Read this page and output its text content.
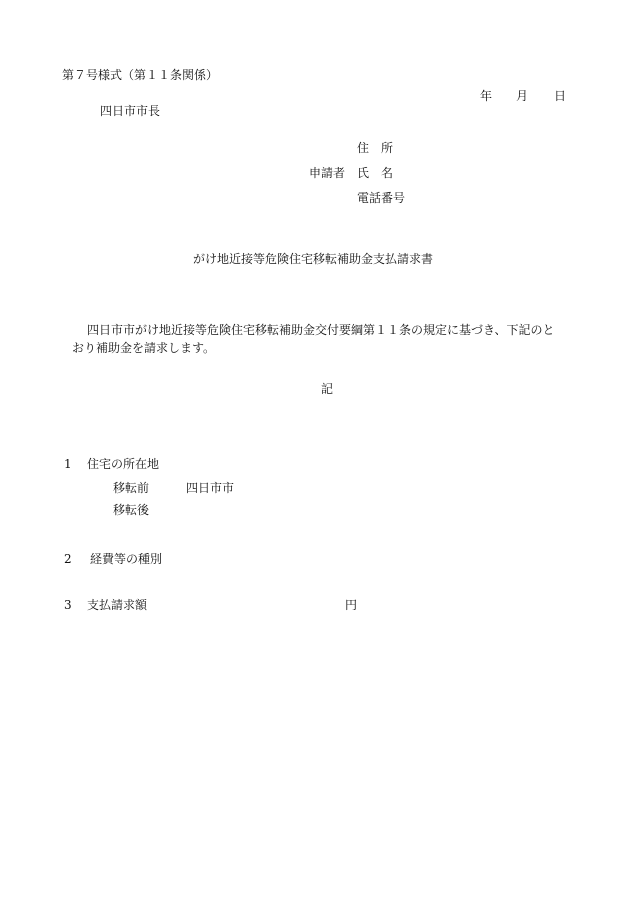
第７号様式（第１１条関係）
年 月 日
四日市市長
住　所
申請者 氏　名
電話番号
がけ地近接等危険住宅移転補助金支払請求書
四日市市がけ地近接等危険住宅移転補助金交付要綱第１１条の規定に基づき、下記のと
おり補助金を請求します。
記
1 住宅の所在地
移転前	四日市市
移転後
2 経費等の種別
3 支払請求額	円
